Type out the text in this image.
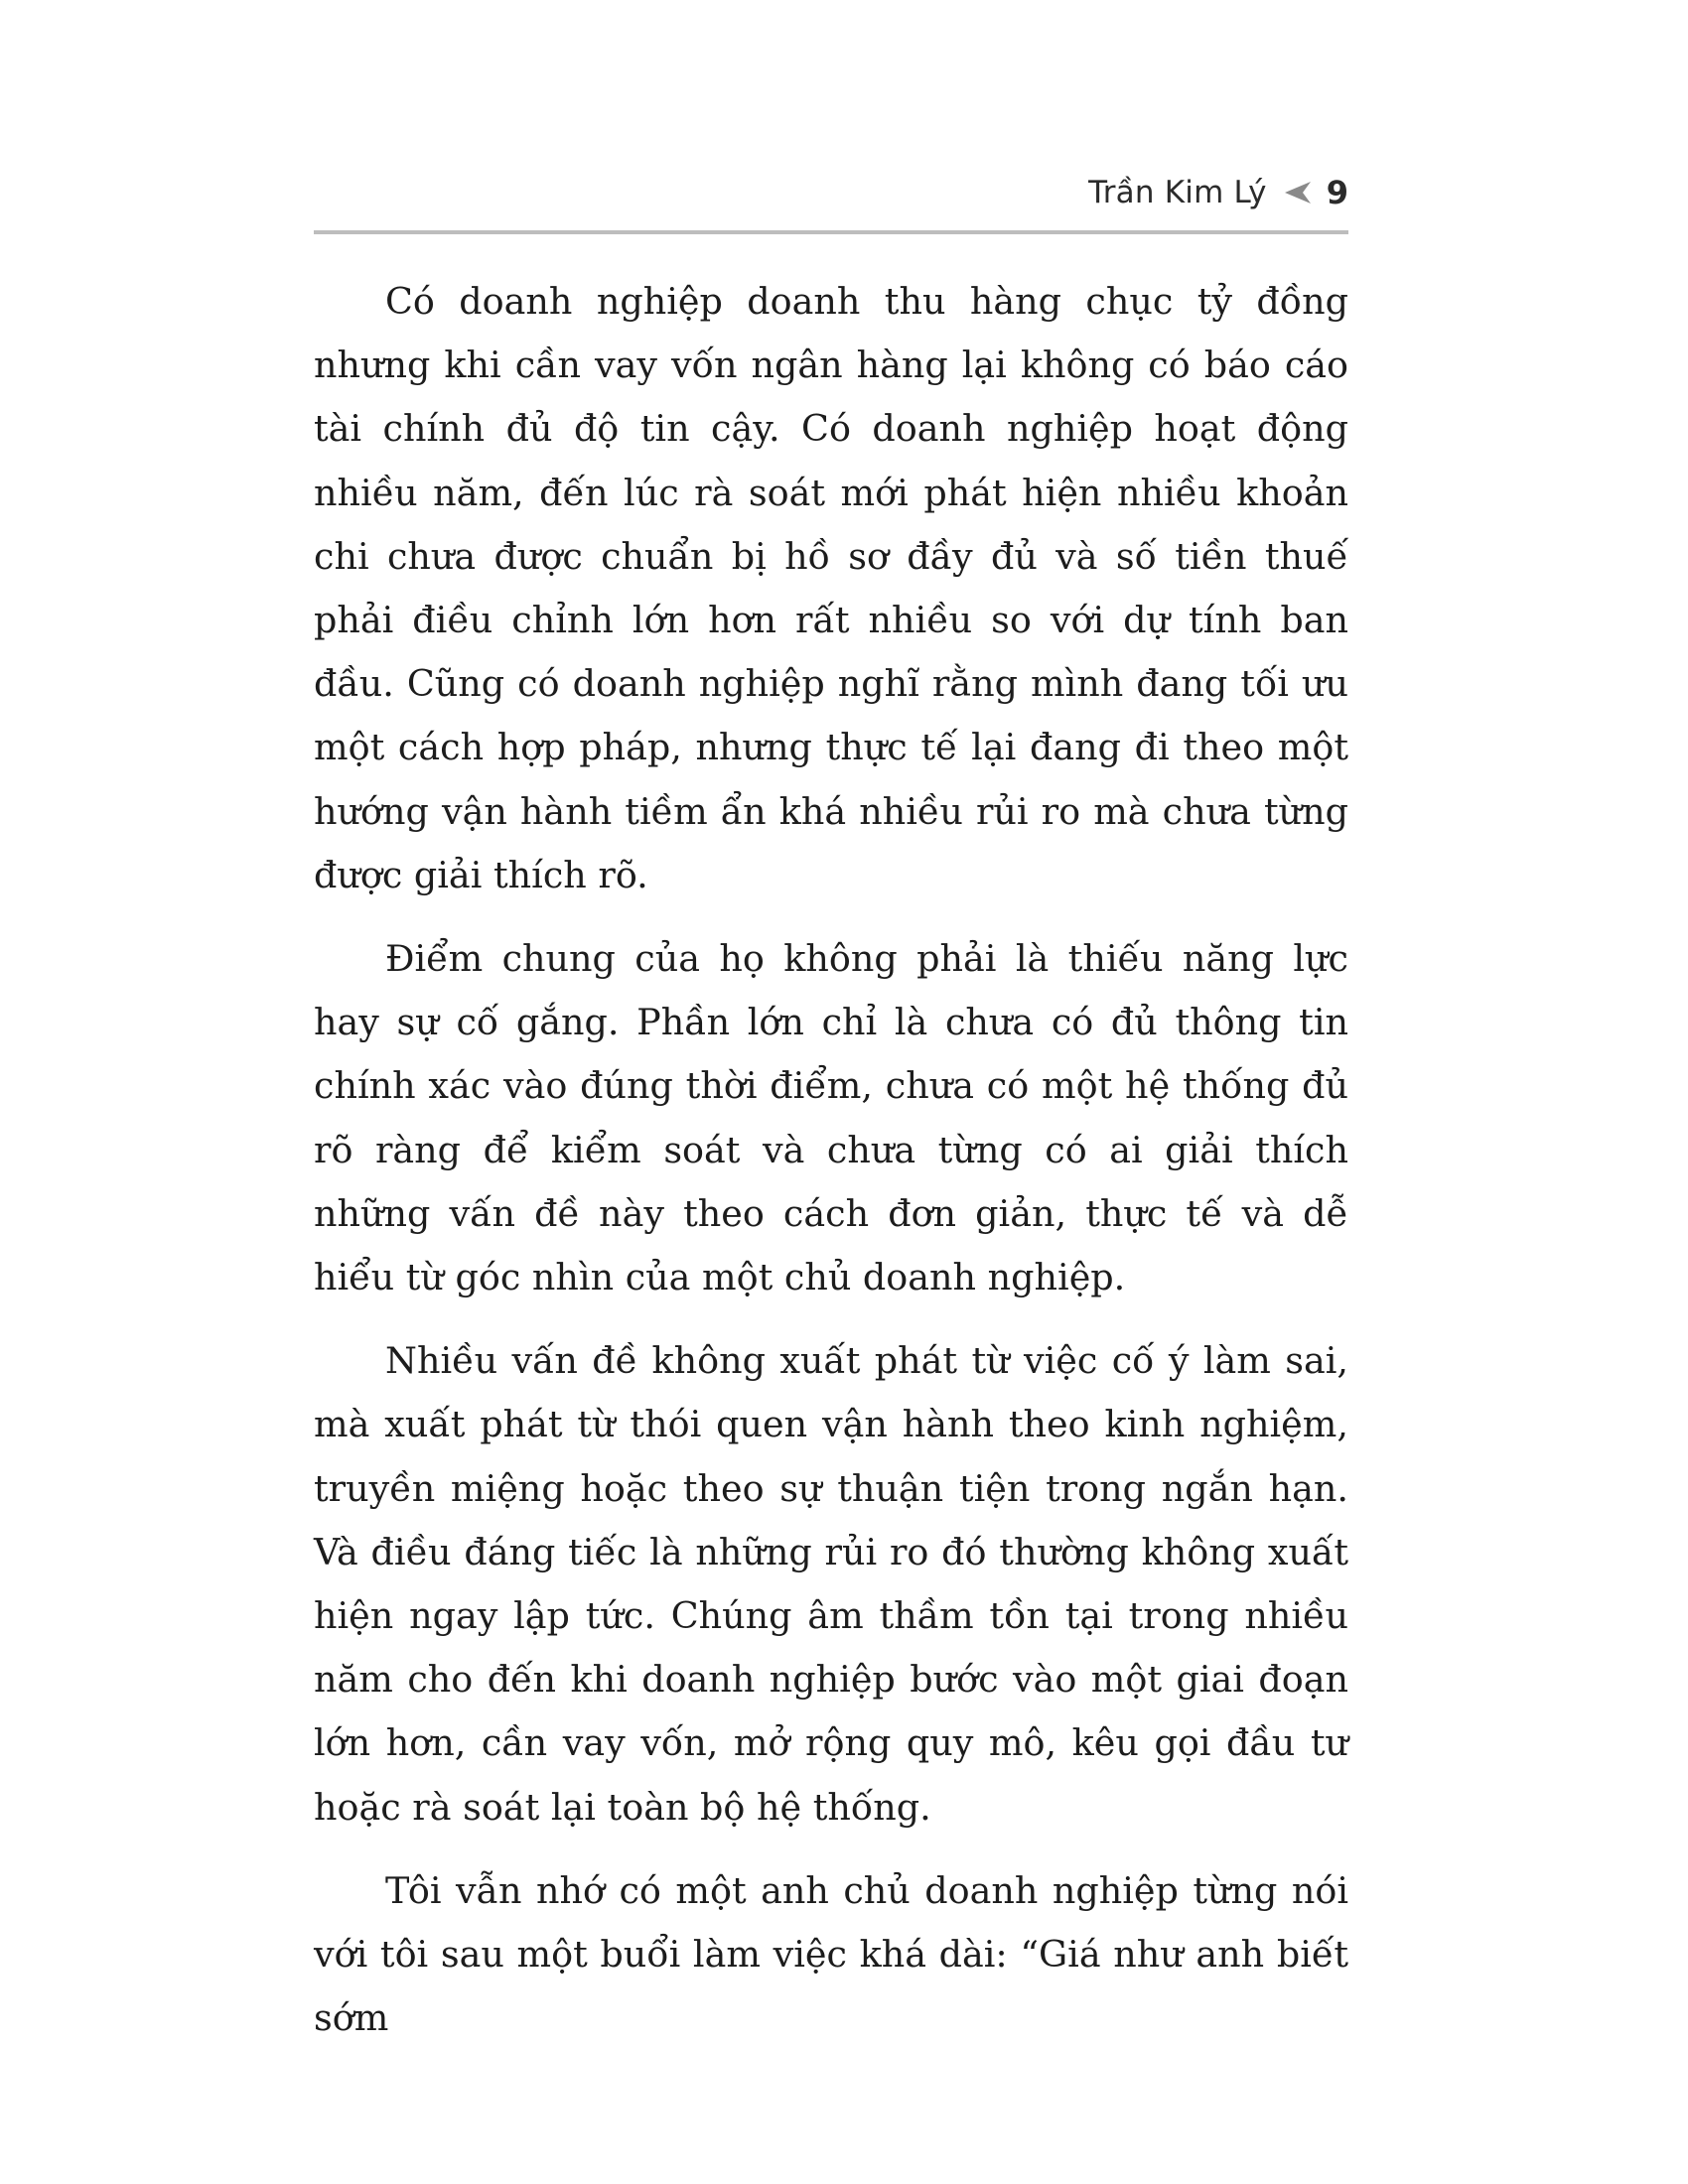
Trần Kim Lý 9

Có doanh nghiệp doanh thu hàng chục tỷ đồng nhưng khi cần vay vốn ngân hàng lại không có báo cáo tài chính đủ độ tin cậy. Có doanh nghiệp hoạt động nhiều năm, đến lúc rà soát mới phát hiện nhiều khoản chi chưa được chuẩn bị hồ sơ đầy đủ và số tiền thuế phải điều chỉnh lớn hơn rất nhiều so với dự tính ban đầu. Cũng có doanh nghiệp nghĩ rằng mình đang tối ưu một cách hợp pháp, nhưng thực tế lại đang đi theo một hướng vận hành tiềm ẩn khá nhiều rủi ro mà chưa từng được giải thích rõ.

Điểm chung của họ không phải là thiếu năng lực hay sự cố gắng. Phần lớn chỉ là chưa có đủ thông tin chính xác vào đúng thời điểm, chưa có một hệ thống đủ rõ ràng để kiểm soát và chưa từng có ai giải thích những vấn đề này theo cách đơn giản, thực tế và dễ hiểu từ góc nhìn của một chủ doanh nghiệp.

Nhiều vấn đề không xuất phát từ việc cố ý làm sai, mà xuất phát từ thói quen vận hành theo kinh nghiệm, truyền miệng hoặc theo sự thuận tiện trong ngắn hạn. Và điều đáng tiếc là những rủi ro đó thường không xuất hiện ngay lập tức. Chúng âm thầm tồn tại trong nhiều năm cho đến khi doanh nghiệp bước vào một giai đoạn lớn hơn, cần vay vốn, mở rộng quy mô, kêu gọi đầu tư hoặc rà soát lại toàn bộ hệ thống.

Tôi vẫn nhớ có một anh chủ doanh nghiệp từng nói với tôi sau một buổi làm việc khá dài: “Giá như anh biết sớm
